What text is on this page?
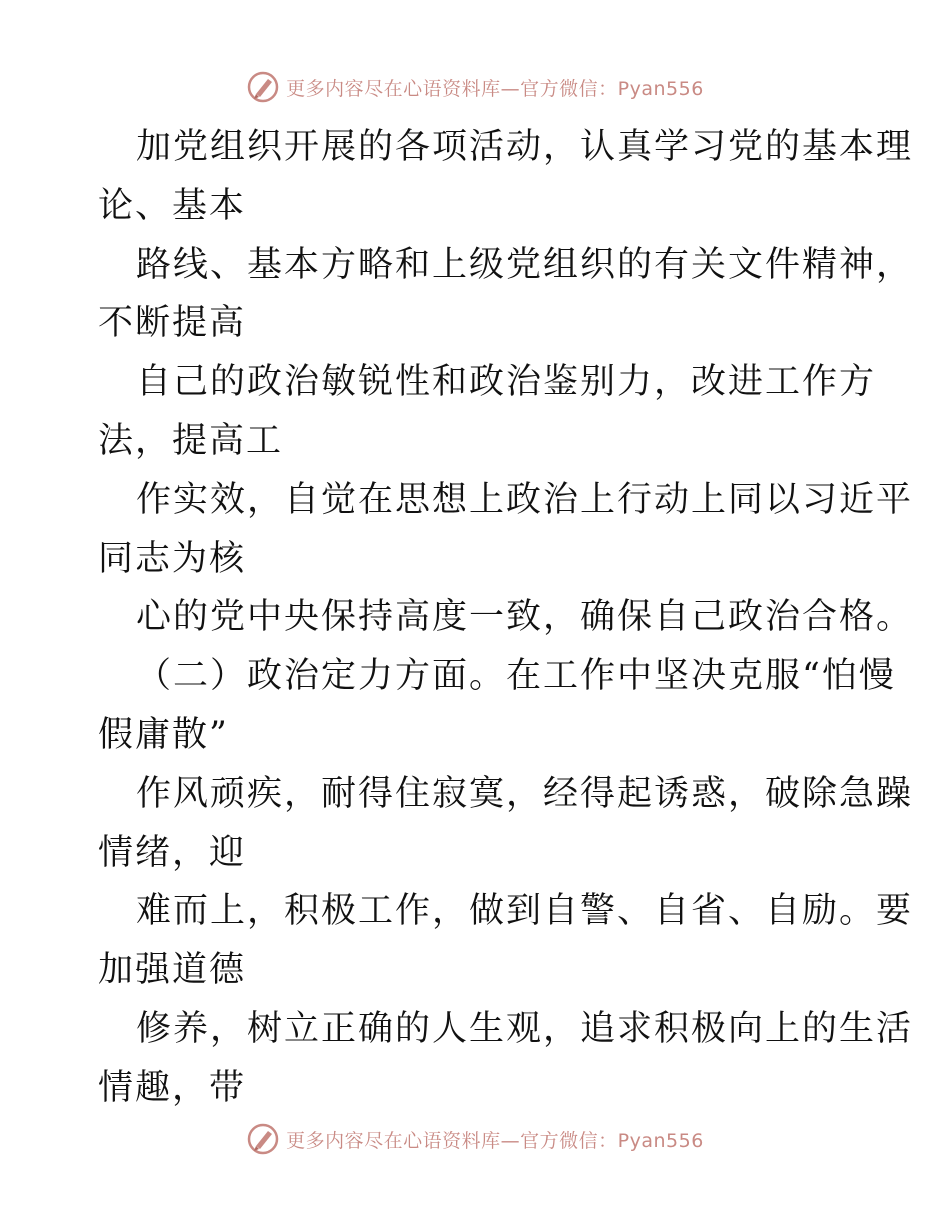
更多内容尽在心语资料库—官方微信：Pyan556
加党组织开展的各项活动，认真学习党的基本理
论、基本
路线、基本方略和上级党组织的有关文件精神，
不断提高
自己的政治敏锐性和政治鉴别力，改进工作方
法，提高工
作实效，自觉在思想上政治上行动上同以习近平
同志为核
心的党中央保持高度一致，确保自己政治合格。
（二）政治定力方面。在工作中坚决克服“怕慢
假庸散”
作风顽疾，耐得住寂寞，经得起诱惑，破除急躁
情绪，迎
难而上，积极工作，做到自警、自省、自励。要
加强道德
修养，树立正确的人生观，追求积极向上的生活
情趣，带
更多内容尽在心语资料库—官方微信：Pyan556
